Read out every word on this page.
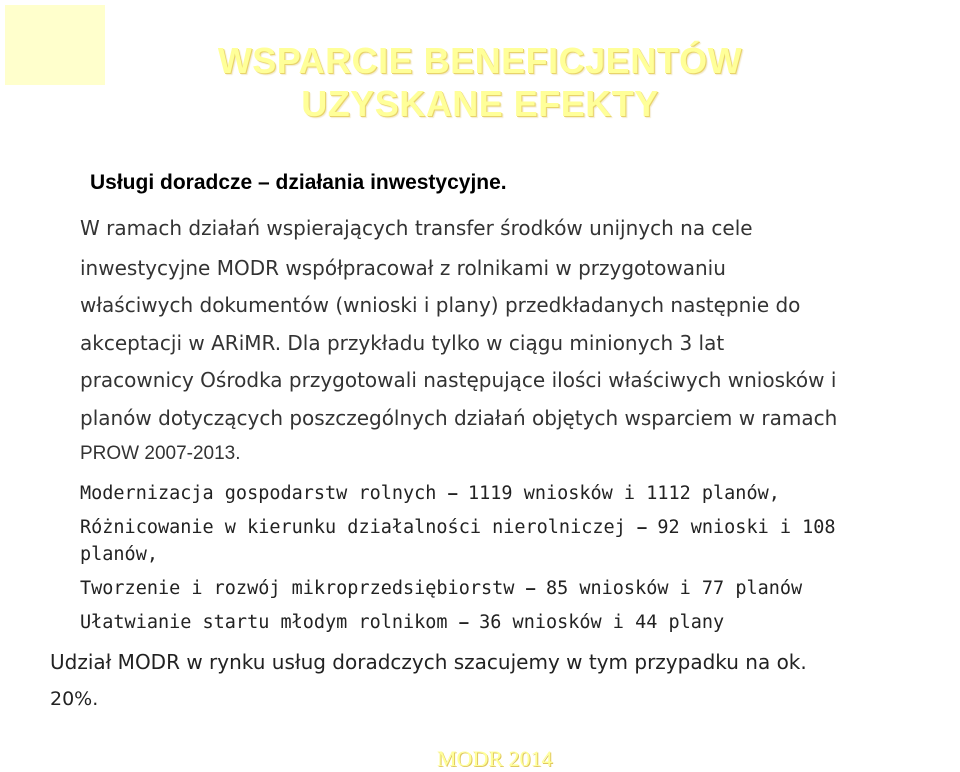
WSPARCIE BENEFICJENTÓW
UZYSKANE EFEKTY
Usługi doradcze – działania inwestycyjne.
W ramach działań wspierających transfer środków unijnych na cele
inwestycyjne MODR współpracował z rolnikami w przygotowaniu
właściwych dokumentów (wnioski i plany) przedkładanych następnie do
akceptacji w ARiMR. Dla przykładu tylko w ciągu minionych 3 lat
pracownicy Ośrodka przygotowali następujące ilości właściwych wniosków i
planów dotyczących poszczególnych działań objętych wsparciem w ramach
PROW 2007-2013.
Modernizacja gospodarstw rolnych – 1119 wniosków i 1112 planów,
Różnicowanie w kierunku działalności nierolniczej – 92 wnioski i 108
planów,
Tworzenie i rozwój mikroprzedsiębiorstw – 85 wniosków i 77 planów
Ułatwianie startu młodym rolnikom – 36 wniosków i 44 plany
Udział MODR w rynku usług doradczych szacujemy w tym przypadku na ok.
20%.
MODR 2014
